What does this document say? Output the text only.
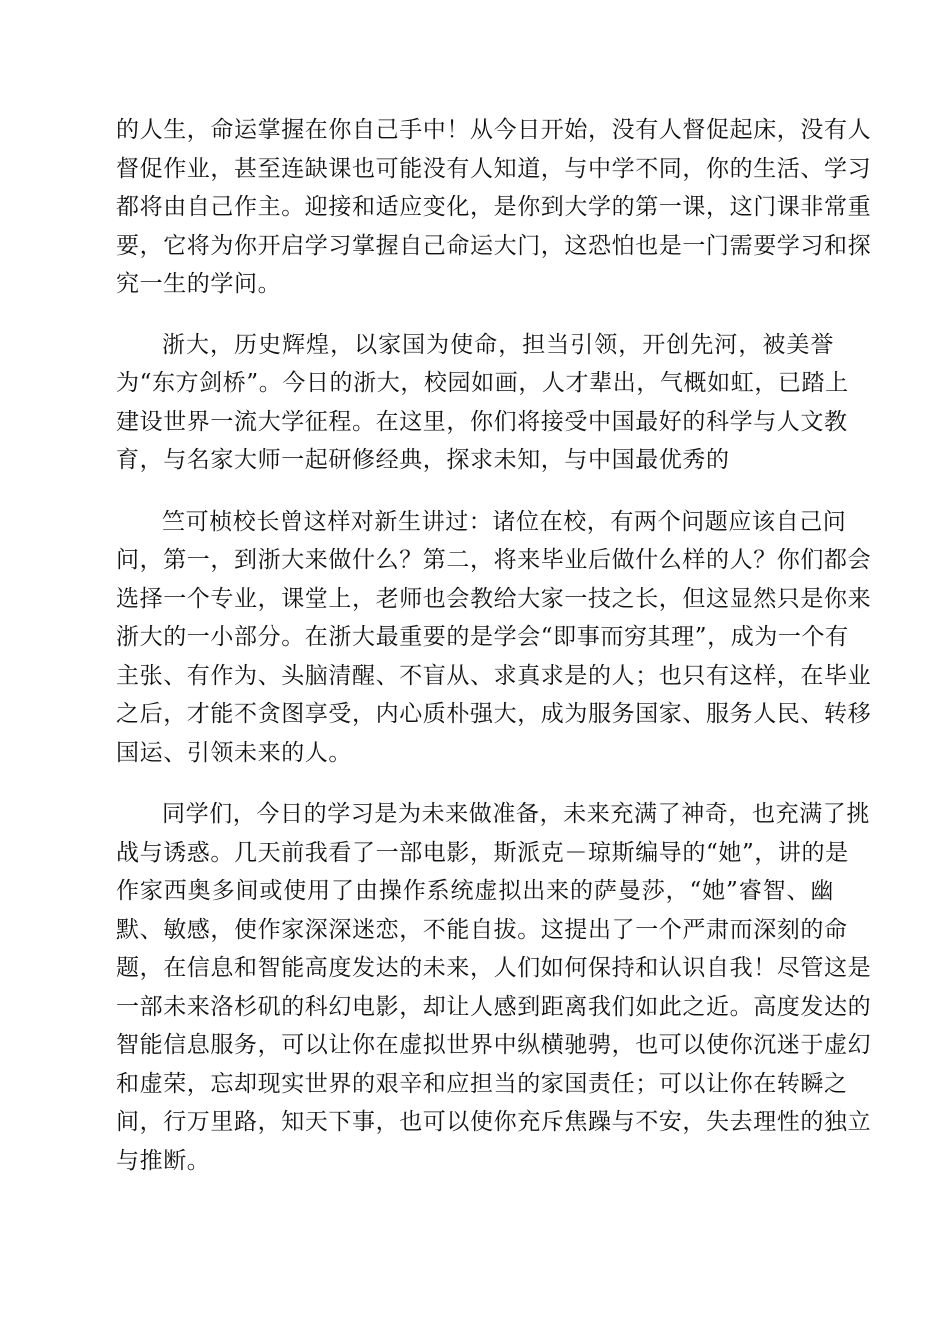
的人生，命运掌握在你自己手中！从今日开始，没有人督促起床，没有人
督促作业，甚至连缺课也可能没有人知道，与中学不同，你的生活、学习
都将由自己作主。迎接和适应变化，是你到大学的第一课，这门课非常重
要，它将为你开启学习掌握自己命运大门，这恐怕也是一门需要学习和探
究一生的学问。

浙大，历史辉煌，以家国为使命，担当引领，开创先河，被美誉
为“东方剑桥”。今日的浙大，校园如画，人才辈出，气概如虹，已踏上
建设世界一流大学征程。在这里，你们将接受中国最好的科学与人文教
育，与名家大师一起研修经典，探求未知，与中国最优秀的

竺可桢校长曾这样对新生讲过：诸位在校，有两个问题应该自己问
问，第一，到浙大来做什么？第二，将来毕业后做什么样的人？你们都会
选择一个专业，课堂上，老师也会教给大家一技之长，但这显然只是你来
浙大的一小部分。在浙大最重要的是学会“即事而穷其理”，成为一个有
主张、有作为、头脑清醒、不盲从、求真求是的人；也只有这样，在毕业
之后，才能不贪图享受，内心质朴强大，成为服务国家、服务人民、转移
国运、引领未来的人。

同学们，今日的学习是为未来做准备，未来充满了神奇，也充满了挑
战与诱惑。几天前我看了一部电影，斯派克－琼斯编导的“她”，讲的是
作家西奥多间或使用了由操作系统虚拟出来的萨曼莎，“她”睿智、幽
默、敏感，使作家深深迷恋，不能自拔。这提出了一个严肃而深刻的命
题，在信息和智能高度发达的未来，人们如何保持和认识自我！尽管这是
一部未来洛杉矶的科幻电影，却让人感到距离我们如此之近。高度发达的
智能信息服务，可以让你在虚拟世界中纵横驰骋，也可以使你沉迷于虚幻
和虚荣，忘却现实世界的艰辛和应担当的家国责任；可以让你在转瞬之
间，行万里路，知天下事，也可以使你充斥焦躁与不安，失去理性的独立
与推断。
